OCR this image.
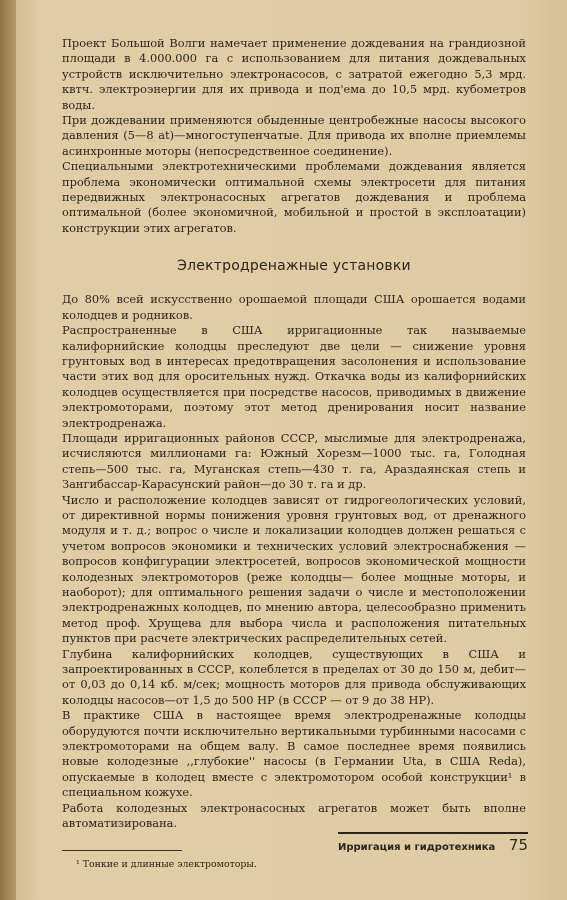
Проект Большой Волги намечает применение дождевания на грандиозной площади в 4.000.000 га с использованием для питания дождевальных устройств исключительно электронасосов, с затратой ежегодно 5,3 мрд. квтч. электроэнергии для их привода и под'ема до 10,5 мрд. кубометров воды.

При дождевании применяются обыденные центробежные насосы высокого давления (5—8 at)—многоступенчатые. Для привода их вполне приемлемы асинхронные моторы (непосредственное соединение).

Специальными электротехническими проблемами дождевания является проблема экономически оптимальной схемы электросети для питания передвижных электронасосных агрегатов дождевания и проблема оптимальной (более экономичной, мобильной и простой в эксплоатации) конструкции этих агрегатов.

Электродренажные установки

До 80% всей искусственно орошаемой площади США орошается водами колодцев и родников.

Распространенные в США ирригационные так называемые калифорнийские колодцы преследуют две цели — снижение уровня грунтовых вод в интересах предотвращения засолонения и использование части этих вод для оросительных нужд. Откачка воды из калифорнийских колодцев осуществляется при посредстве насосов, приводимых в движение электромоторами, поэтому этот метод дренирования носит название электродренажа.

Площади ирригационных районов СССР, мыслимые для электродренажа, исчисляются миллионами га: Южный Хорезм—1000 тыс. га, Голодная степь—500 тыс. га, Муганская степь—430 т. га, Араздаянская степь и Зангибассар-Карасунский район—до 30 т. га и др.

Число и расположение колодцев зависят от гидрогеологических условий, от директивной нормы понижения уровня грунтовых вод, от дренажного модуля и т. д.; вопрос о числе и локализации колодцев должен решаться с учетом вопросов экономики и технических условий электроснабжения — вопросов конфигурации электросетей, вопросов экономической мощности колодезных электромоторов (реже колодцы— более мощные моторы, и наоборот); для оптимального решения задачи о числе и местоположении электродренажных колодцев, по мнению автора, целесообразно применить метод проф. Хрущева для выбора числа и расположения питательных пунктов при расчете электрических распределительных сетей.

Глубина калифорнийских колодцев, существующих в США и запроектированных в СССР, колеблется в пределах от 30 до 150 м, дебит—от 0,03 до 0,14 кб. м/сек; мощность моторов для привода обслуживающих колодцы насосов—от 1,5 до 500 HP (в СССР — от 9 до 38 HP).

В практике США в настоящее время электродренажные колодцы оборудуются почти исключительно вертикальными турбинными насосами с электромоторами на общем валу. В самое последнее время появились новые колодезные ,,глубокие'' насосы (в Германии Uta, в США Reda), опускаемые в колодец вместе с электромотором особой конструкции¹ в специальном кожухе.

Работа колодезных электронасосных агрегатов может быть вполне автоматизирована.

¹ Тонкие и длинные электромоторы.

Ирригация и гидротехника 75
